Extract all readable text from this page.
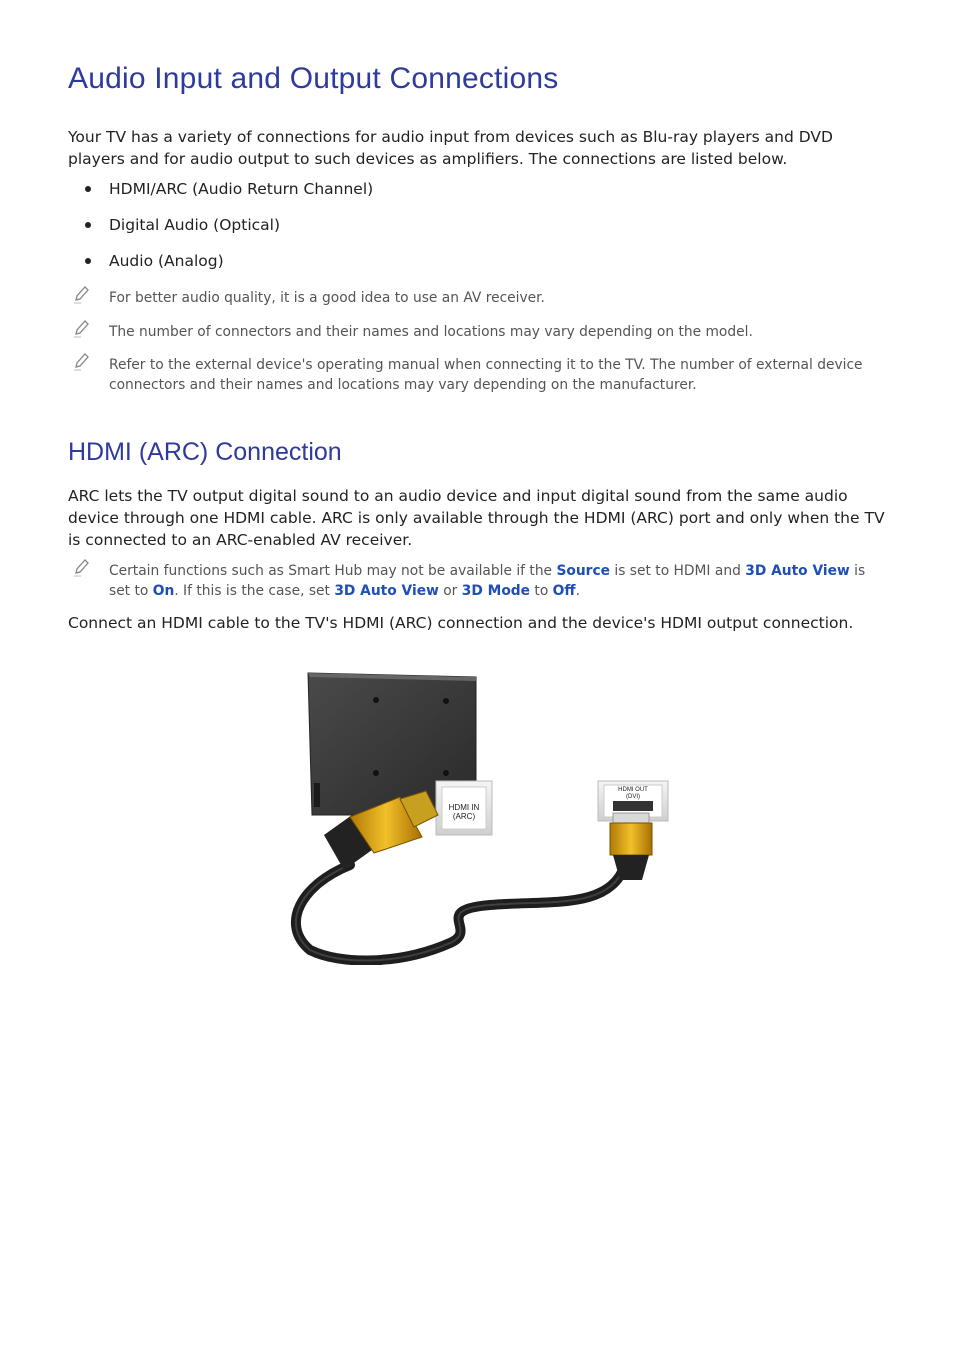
Audio Input and Output Connections
Your TV has a variety of connections for audio input from devices such as Blu-ray players and DVD players and for audio output to such devices as amplifiers. The connections are listed below.
HDMI/ARC (Audio Return Channel)
Digital Audio (Optical)
Audio (Analog)
For better audio quality, it is a good idea to use an AV receiver.
The number of connectors and their names and locations may vary depending on the model.
Refer to the external device's operating manual when connecting it to the TV. The number of external device connectors and their names and locations may vary depending on the manufacturer.
HDMI (ARC) Connection
ARC lets the TV output digital sound to an audio device and input digital sound from the same audio device through one HDMI cable. ARC is only available through the HDMI (ARC) port and only when the TV is connected to an ARC-enabled AV receiver.
Certain functions such as Smart Hub may not be available if the Source is set to HDMI and 3D Auto View is set to On. If this is the case, set 3D Auto View or 3D Mode to Off.
Connect an HDMI cable to the TV's HDMI (ARC) connection and the device's HDMI output connection.
HDMI IN
(ARC)
HDMI OUT
(DVI)
